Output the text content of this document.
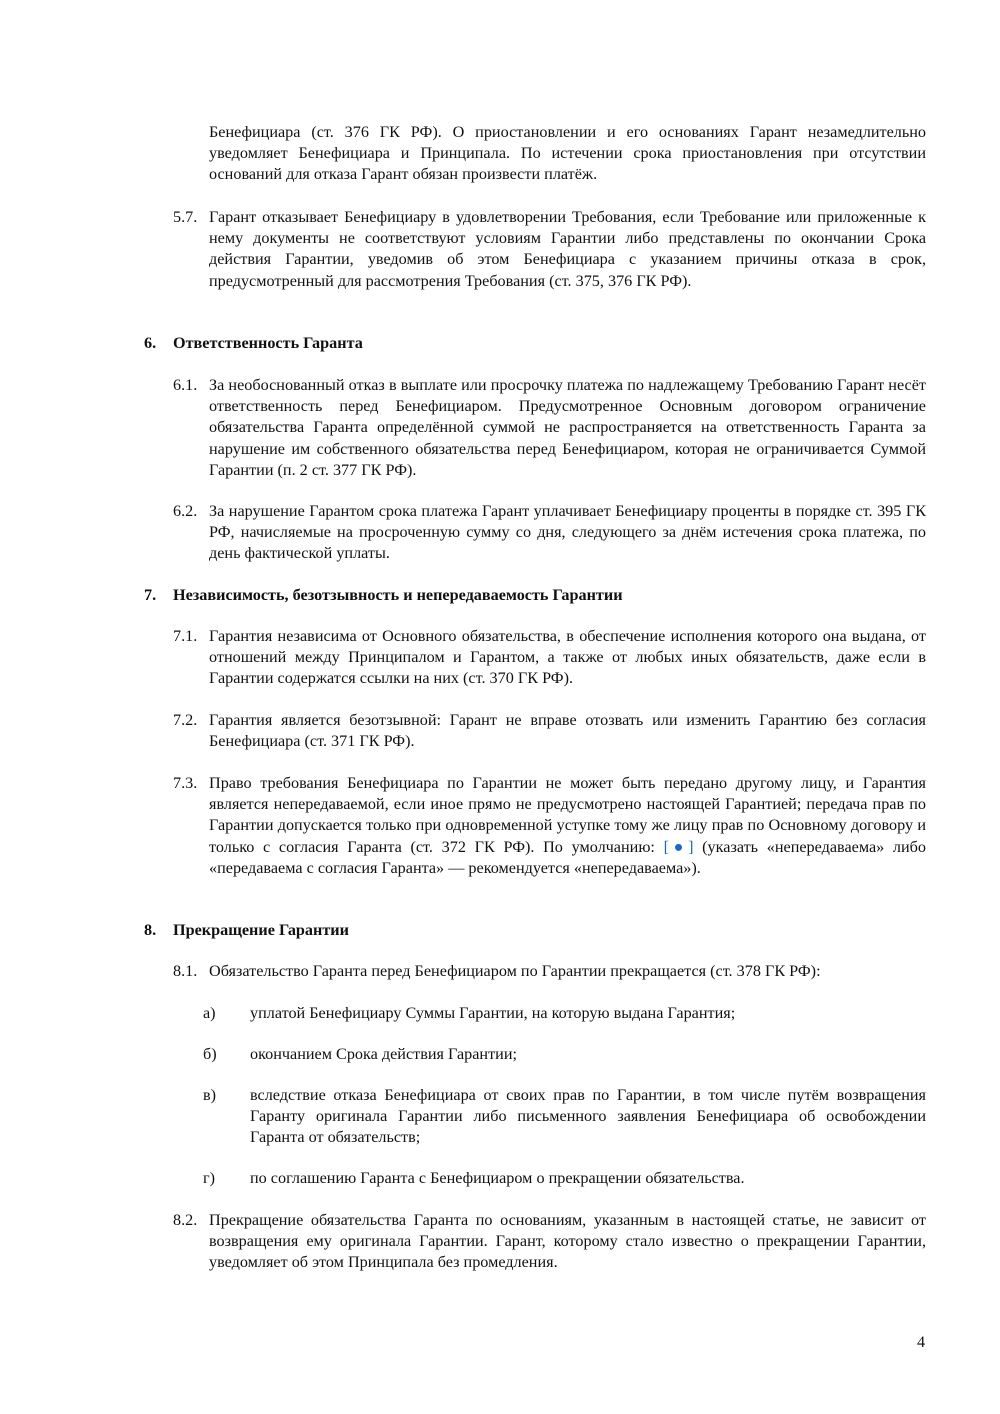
Бенефициара (ст. 376 ГК РФ). О приостановлении и его основаниях Гарант незамедлительно уведомляет Бенефициара и Принципала. По истечении срока приостановления при отсутствии оснований для отказа Гарант обязан произвести платёж.

5.7. Гарант отказывает Бенефициару в удовлетворении Требования, если Требование или приложенные к нему документы не соответствуют условиям Гарантии либо представлены по окончании Срока действия Гарантии, уведомив об этом Бенефициара с указанием причины отказа в срок, предусмотренный для рассмотрения Требования (ст. 375, 376 ГК РФ).

6. Ответственность Гаранта

6.1. За необоснованный отказ в выплате или просрочку платежа по надлежащему Требованию Гарант несёт ответственность перед Бенефициаром. Предусмотренное Основным договором ограничение обязательства Гаранта определённой суммой не распространяется на ответственность Гаранта за нарушение им собственного обязательства перед Бенефициаром, которая не ограничивается Суммой Гарантии (п. 2 ст. 377 ГК РФ).

6.2. За нарушение Гарантом срока платежа Гарант уплачивает Бенефициару проценты в порядке ст. 395 ГК РФ, начисляемые на просроченную сумму со дня, следующего за днём истечения срока платежа, по день фактической уплаты.

7. Независимость, безотзывность и непередаваемость Гарантии

7.1. Гарантия независима от Основного обязательства, в обеспечение исполнения которого она выдана, от отношений между Принципалом и Гарантом, а также от любых иных обязательств, даже если в Гарантии содержатся ссылки на них (ст. 370 ГК РФ).

7.2. Гарантия является безотзывной: Гарант не вправе отозвать или изменить Гарантию без согласия Бенефициара (ст. 371 ГК РФ).

7.3. Право требования Бенефициара по Гарантии не может быть передано другому лицу, и Гарантия является непередаваемой, если иное прямо не предусмотрено настоящей Гарантией; передача прав по Гарантии допускается только при одновременной уступке тому же лицу прав по Основному договору и только с согласия Гаранта (ст. 372 ГК РФ). По умолчанию: [●] (указать «непередаваема» либо «передаваема с согласия Гаранта» — рекомендуется «непередаваема»).

8. Прекращение Гарантии

8.1. Обязательство Гаранта перед Бенефициаром по Гарантии прекращается (ст. 378 ГК РФ):

а) уплатой Бенефициару Суммы Гарантии, на которую выдана Гарантия;

б) окончанием Срока действия Гарантии;

в) вследствие отказа Бенефициара от своих прав по Гарантии, в том числе путём возвращения Гаранту оригинала Гарантии либо письменного заявления Бенефициара об освобождении Гаранта от обязательств;

г) по соглашению Гаранта с Бенефициаром о прекращении обязательства.

8.2. Прекращение обязательства Гаранта по основаниям, указанным в настоящей статье, не зависит от возвращения ему оригинала Гарантии. Гарант, которому стало известно о прекращении Гарантии, уведомляет об этом Принципала без промедления.

4
